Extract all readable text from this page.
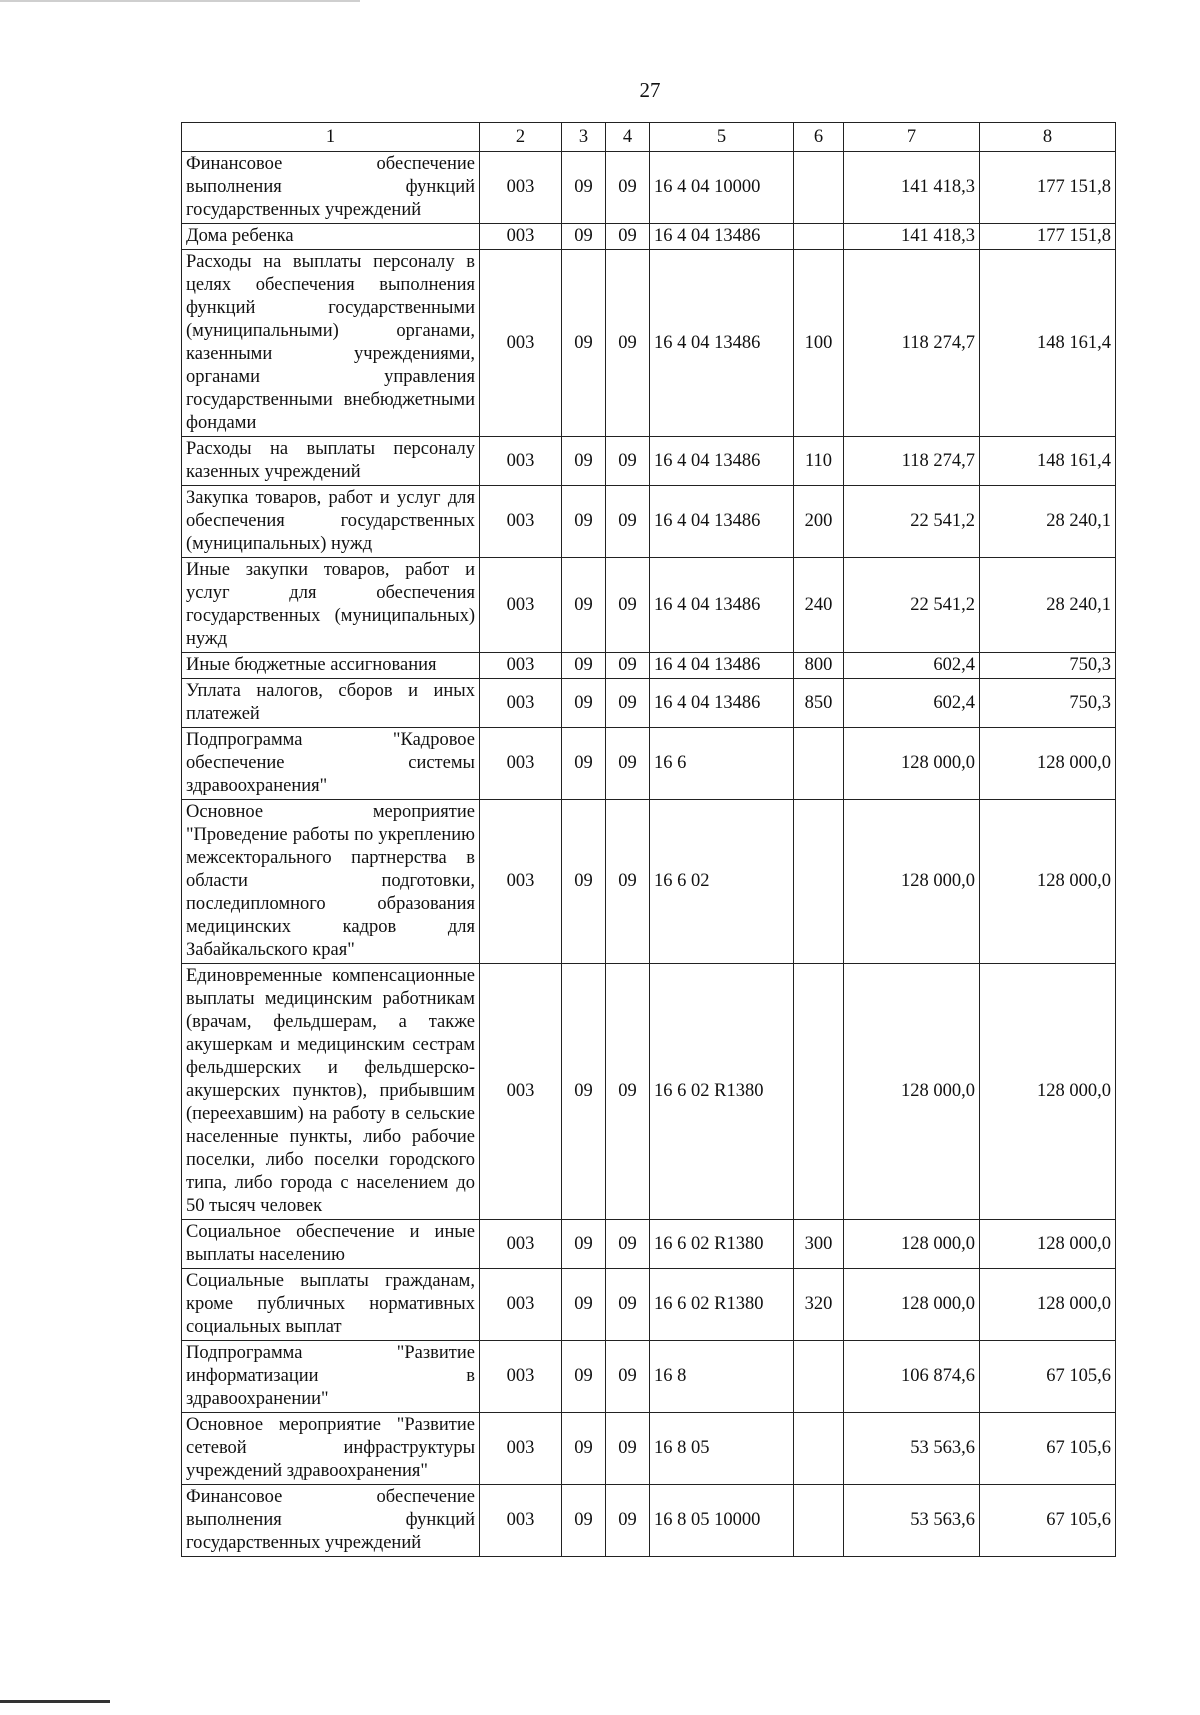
27
1	2	3	4	5	6	7	8
Финансовое обеспечение выполнения функций государственных учреждений	003	09	09	16 4 04 10000		141 418,3	177 151,8
Дома ребенка	003	09	09	16 4 04 13486		141 418,3	177 151,8
Расходы на выплаты персоналу в целях обеспечения выполнения функций государственными (муниципальными) органами, казенными учреждениями, органами управления государственными внебюджетными фондами	003	09	09	16 4 04 13486	100	118 274,7	148 161,4
Расходы на выплаты персоналу казенных учреждений	003	09	09	16 4 04 13486	110	118 274,7	148 161,4
Закупка товаров, работ и услуг для обеспечения государственных (муниципальных) нужд	003	09	09	16 4 04 13486	200	22 541,2	28 240,1
Иные закупки товаров, работ и услуг для обеспечения государственных (муниципальных) нужд	003	09	09	16 4 04 13486	240	22 541,2	28 240,1
Иные бюджетные ассигнования	003	09	09	16 4 04 13486	800	602,4	750,3
Уплата налогов, сборов и иных платежей	003	09	09	16 4 04 13486	850	602,4	750,3
Подпрограмма "Кадровое обеспечение системы здравоохранения"	003	09	09	16 6		128 000,0	128 000,0
Основное мероприятие "Проведение работы по укреплению межсекторального партнерства в области подготовки, последипломного образования медицинских кадров для Забайкальского края"	003	09	09	16 6 02		128 000,0	128 000,0
Единовременные компенсационные выплаты медицинским работникам (врачам, фельдшерам, а также акушеркам и медицинским сестрам фельдшерских и фельдшерско-акушерских пунктов), прибывшим (переехавшим) на работу в сельские населенные пункты, либо рабочие поселки, либо поселки городского типа, либо города с населением до 50 тысяч человек	003	09	09	16 6 02 R1380		128 000,0	128 000,0
Социальное обеспечение и иные выплаты населению	003	09	09	16 6 02 R1380	300	128 000,0	128 000,0
Социальные выплаты гражданам, кроме публичных нормативных социальных выплат	003	09	09	16 6 02 R1380	320	128 000,0	128 000,0
Подпрограмма "Развитие информатизации в здравоохранении"	003	09	09	16 8		106 874,6	67 105,6
Основное мероприятие "Развитие сетевой инфраструктуры учреждений здравоохранения"	003	09	09	16 8 05		53 563,6	67 105,6
Финансовое обеспечение выполнения функций государственных учреждений	003	09	09	16 8 05 10000		53 563,6	67 105,6
